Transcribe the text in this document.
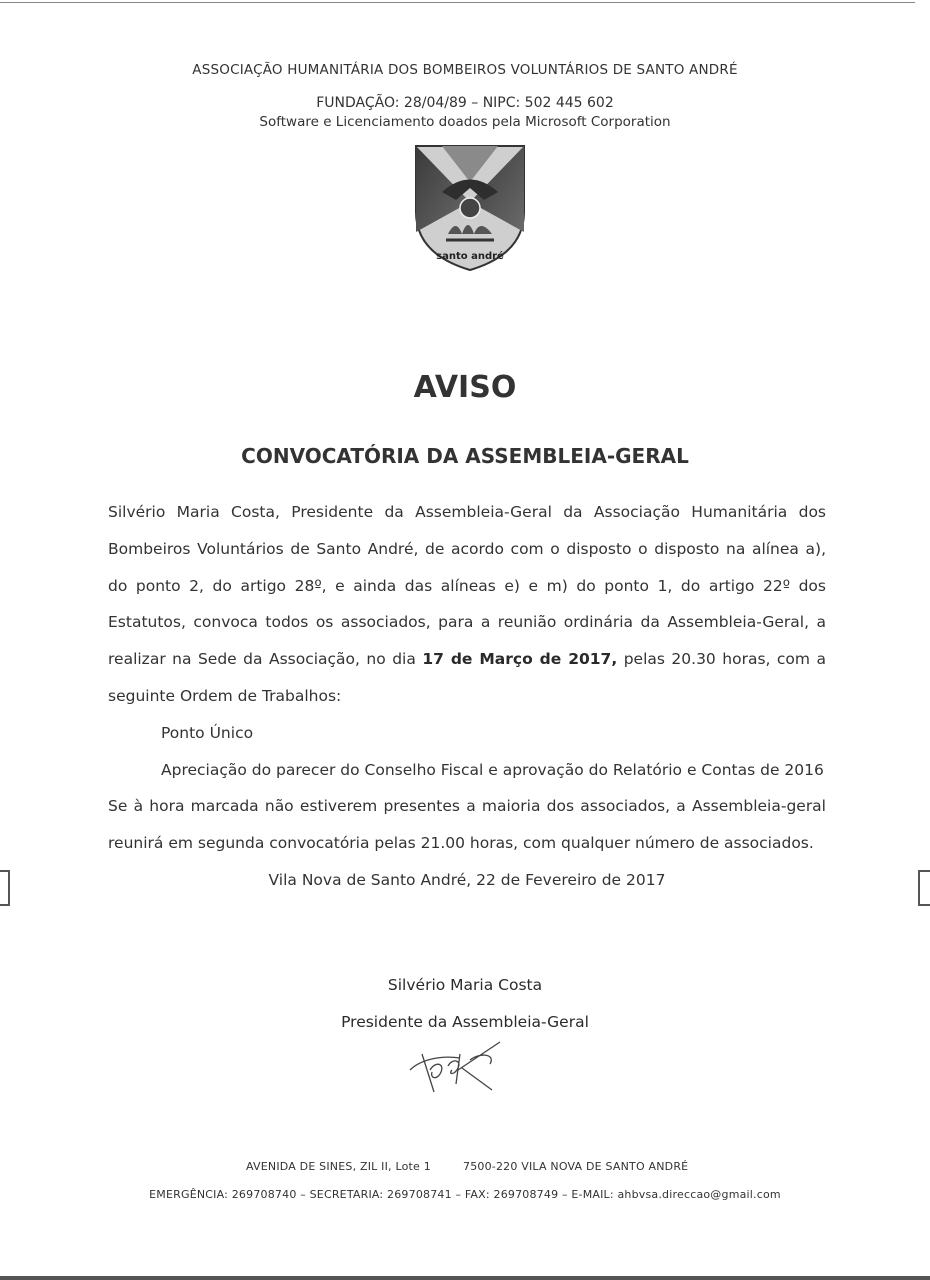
ASSOCIAÇÃO HUMANITÁRIA DOS BOMBEIROS VOLUNTÁRIOS DE SANTO ANDRÉ
FUNDAÇÃO: 28/04/89 – NIPC: 502 445 602
Software e Licenciamento doados pela Microsoft Corporation
santo andré
AVISO
CONVOCATÓRIA DA ASSEMBLEIA-GERAL
Silvério Maria Costa, Presidente da Assembleia-Geral da Associação Humanitária dos Bombeiros Voluntários de Santo André, de acordo com o disposto o disposto na alínea a), do ponto 2, do artigo 28º, e ainda das alíneas e) e m) do ponto 1, do artigo 22º dos Estatutos, convoca todos os associados, para a reunião ordinária da Assembleia-Geral, a realizar na Sede da Associação, no dia 17 de Março de 2017, pelas 20.30 horas, com a seguinte Ordem de Trabalhos:
Ponto Único
Apreciação do parecer do Conselho Fiscal e aprovação do Relatório e Contas de 2016
Se à hora marcada não estiverem presentes a maioria dos associados, a Assembleia-geral reunirá em segunda convocatória pelas 21.00 horas, com qualquer número de associados.
Vila Nova de Santo André, 22 de Fevereiro de 2017
Silvério Maria Costa
Presidente da Assembleia-Geral
AVENIDA DE SINES, ZIL II, Lote 1	7500-220 VILA NOVA DE SANTO ANDRÉ
EMERGÊNCIA: 269708740 – SECRETARIA: 269708741 – FAX: 269708749 – E-MAIL: ahbvsa.direccao@gmail.com
